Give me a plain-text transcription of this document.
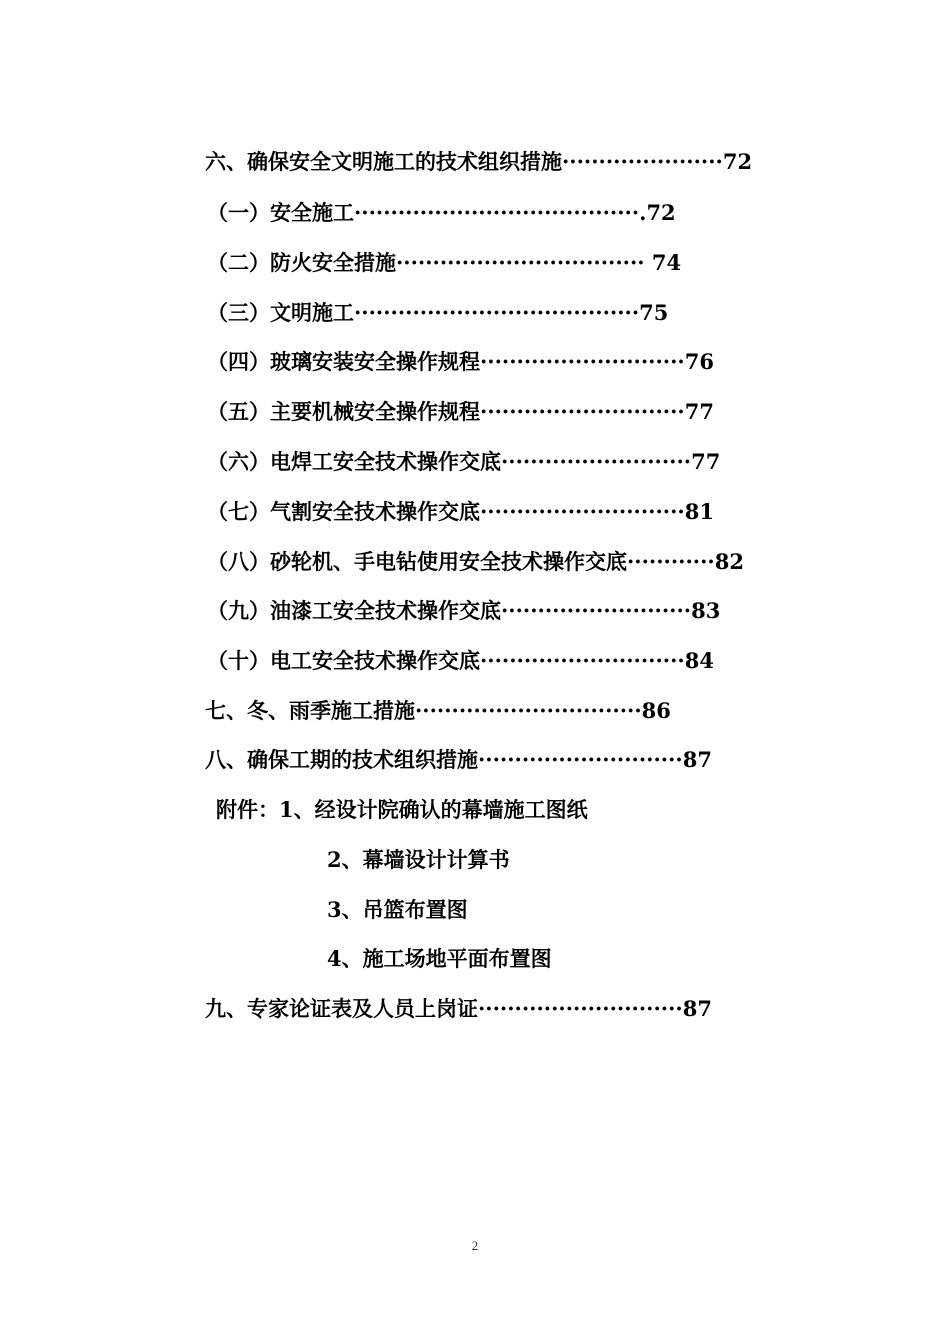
六、确保安全文明施工的技术组织措施······················72
（一）安全施工·······································.72
（二）防火安全措施·································· 74
（三）文明施工·······································75
（四）玻璃安装安全操作规程····························76
（五）主要机械安全操作规程····························77
（六）电焊工安全技术操作交底··························77
（七）气割安全技术操作交底····························81
（八）砂轮机、手电钻使用安全技术操作交底············82
（九）油漆工安全技术操作交底··························83
（十）电工安全技术操作交底····························84
七、冬、雨季施工措施·······························86
八、确保工期的技术组织措施····························87
附件：1、经设计院确认的幕墙施工图纸
2、幕墙设计计算书
3、吊篮布置图
4、施工场地平面布置图
九、专家论证表及人员上岗证····························87
2
